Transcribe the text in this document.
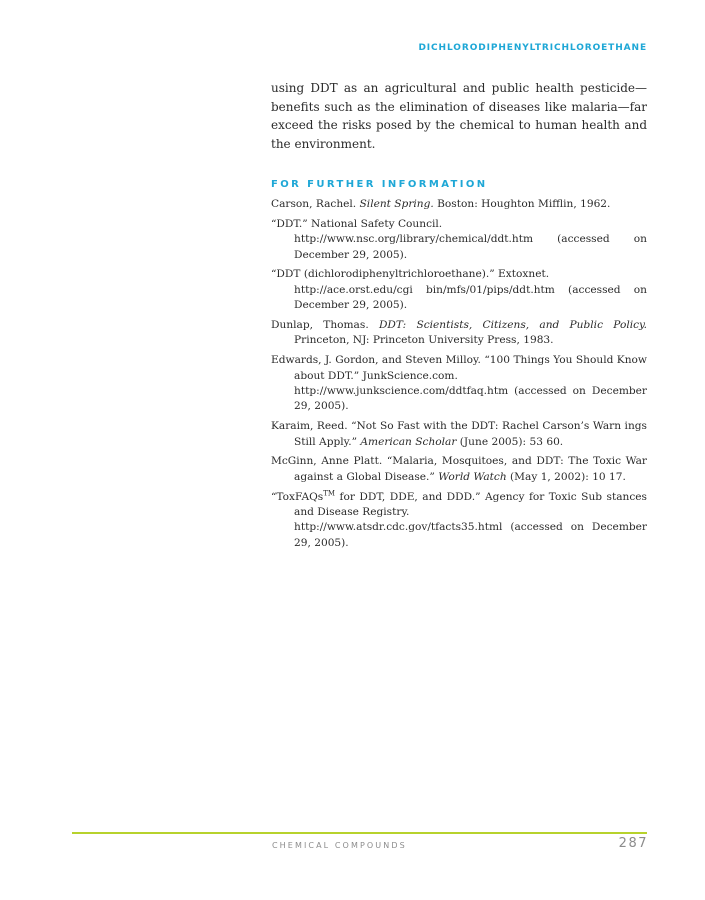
DICHLORODIPHENYLTRICHLOROETHANE

using DDT as an agricultural and public health pesticide—benefits such as the elimination of diseases like malaria—far exceed the risks posed by the chemical to human health and the environment.

FOR FURTHER INFORMATION
Carson, Rachel. Silent Spring. Boston: Houghton Mifflin, 1962.
“DDT.” National Safety Council.
http://www.nsc.org/library/chemical/ddt.htm (accessed on December 29, 2005).
“DDT (dichlorodiphenyltrichloroethane).” Extoxnet.
http://ace.orst.edu/cgi bin/mfs/01/pips/ddt.htm (accessed on December 29, 2005).
Dunlap, Thomas. DDT: Scientists, Citizens, and Public Policy. Princeton, NJ: Princeton University Press, 1983.
Edwards, J. Gordon, and Steven Milloy. “100 Things You Should Know about DDT.” JunkScience.com.
http://www.junkscience.com/ddtfaq.htm (accessed on December 29, 2005).
Karaim, Reed. “Not So Fast with the DDT: Rachel Carson’s Warn ings Still Apply.” American Scholar (June 2005): 53 60.
McGinn, Anne Platt. “Malaria, Mosquitoes, and DDT: The Toxic War against a Global Disease.” World Watch (May 1, 2002): 10 17.
“ToxFAQs™ for DDT, DDE, and DDD.” Agency for Toxic Sub stances and Disease Registry.
http://www.atsdr.cdc.gov/tfacts35.html (accessed on December 29, 2005).
CHEMICAL COMPOUNDS	287
